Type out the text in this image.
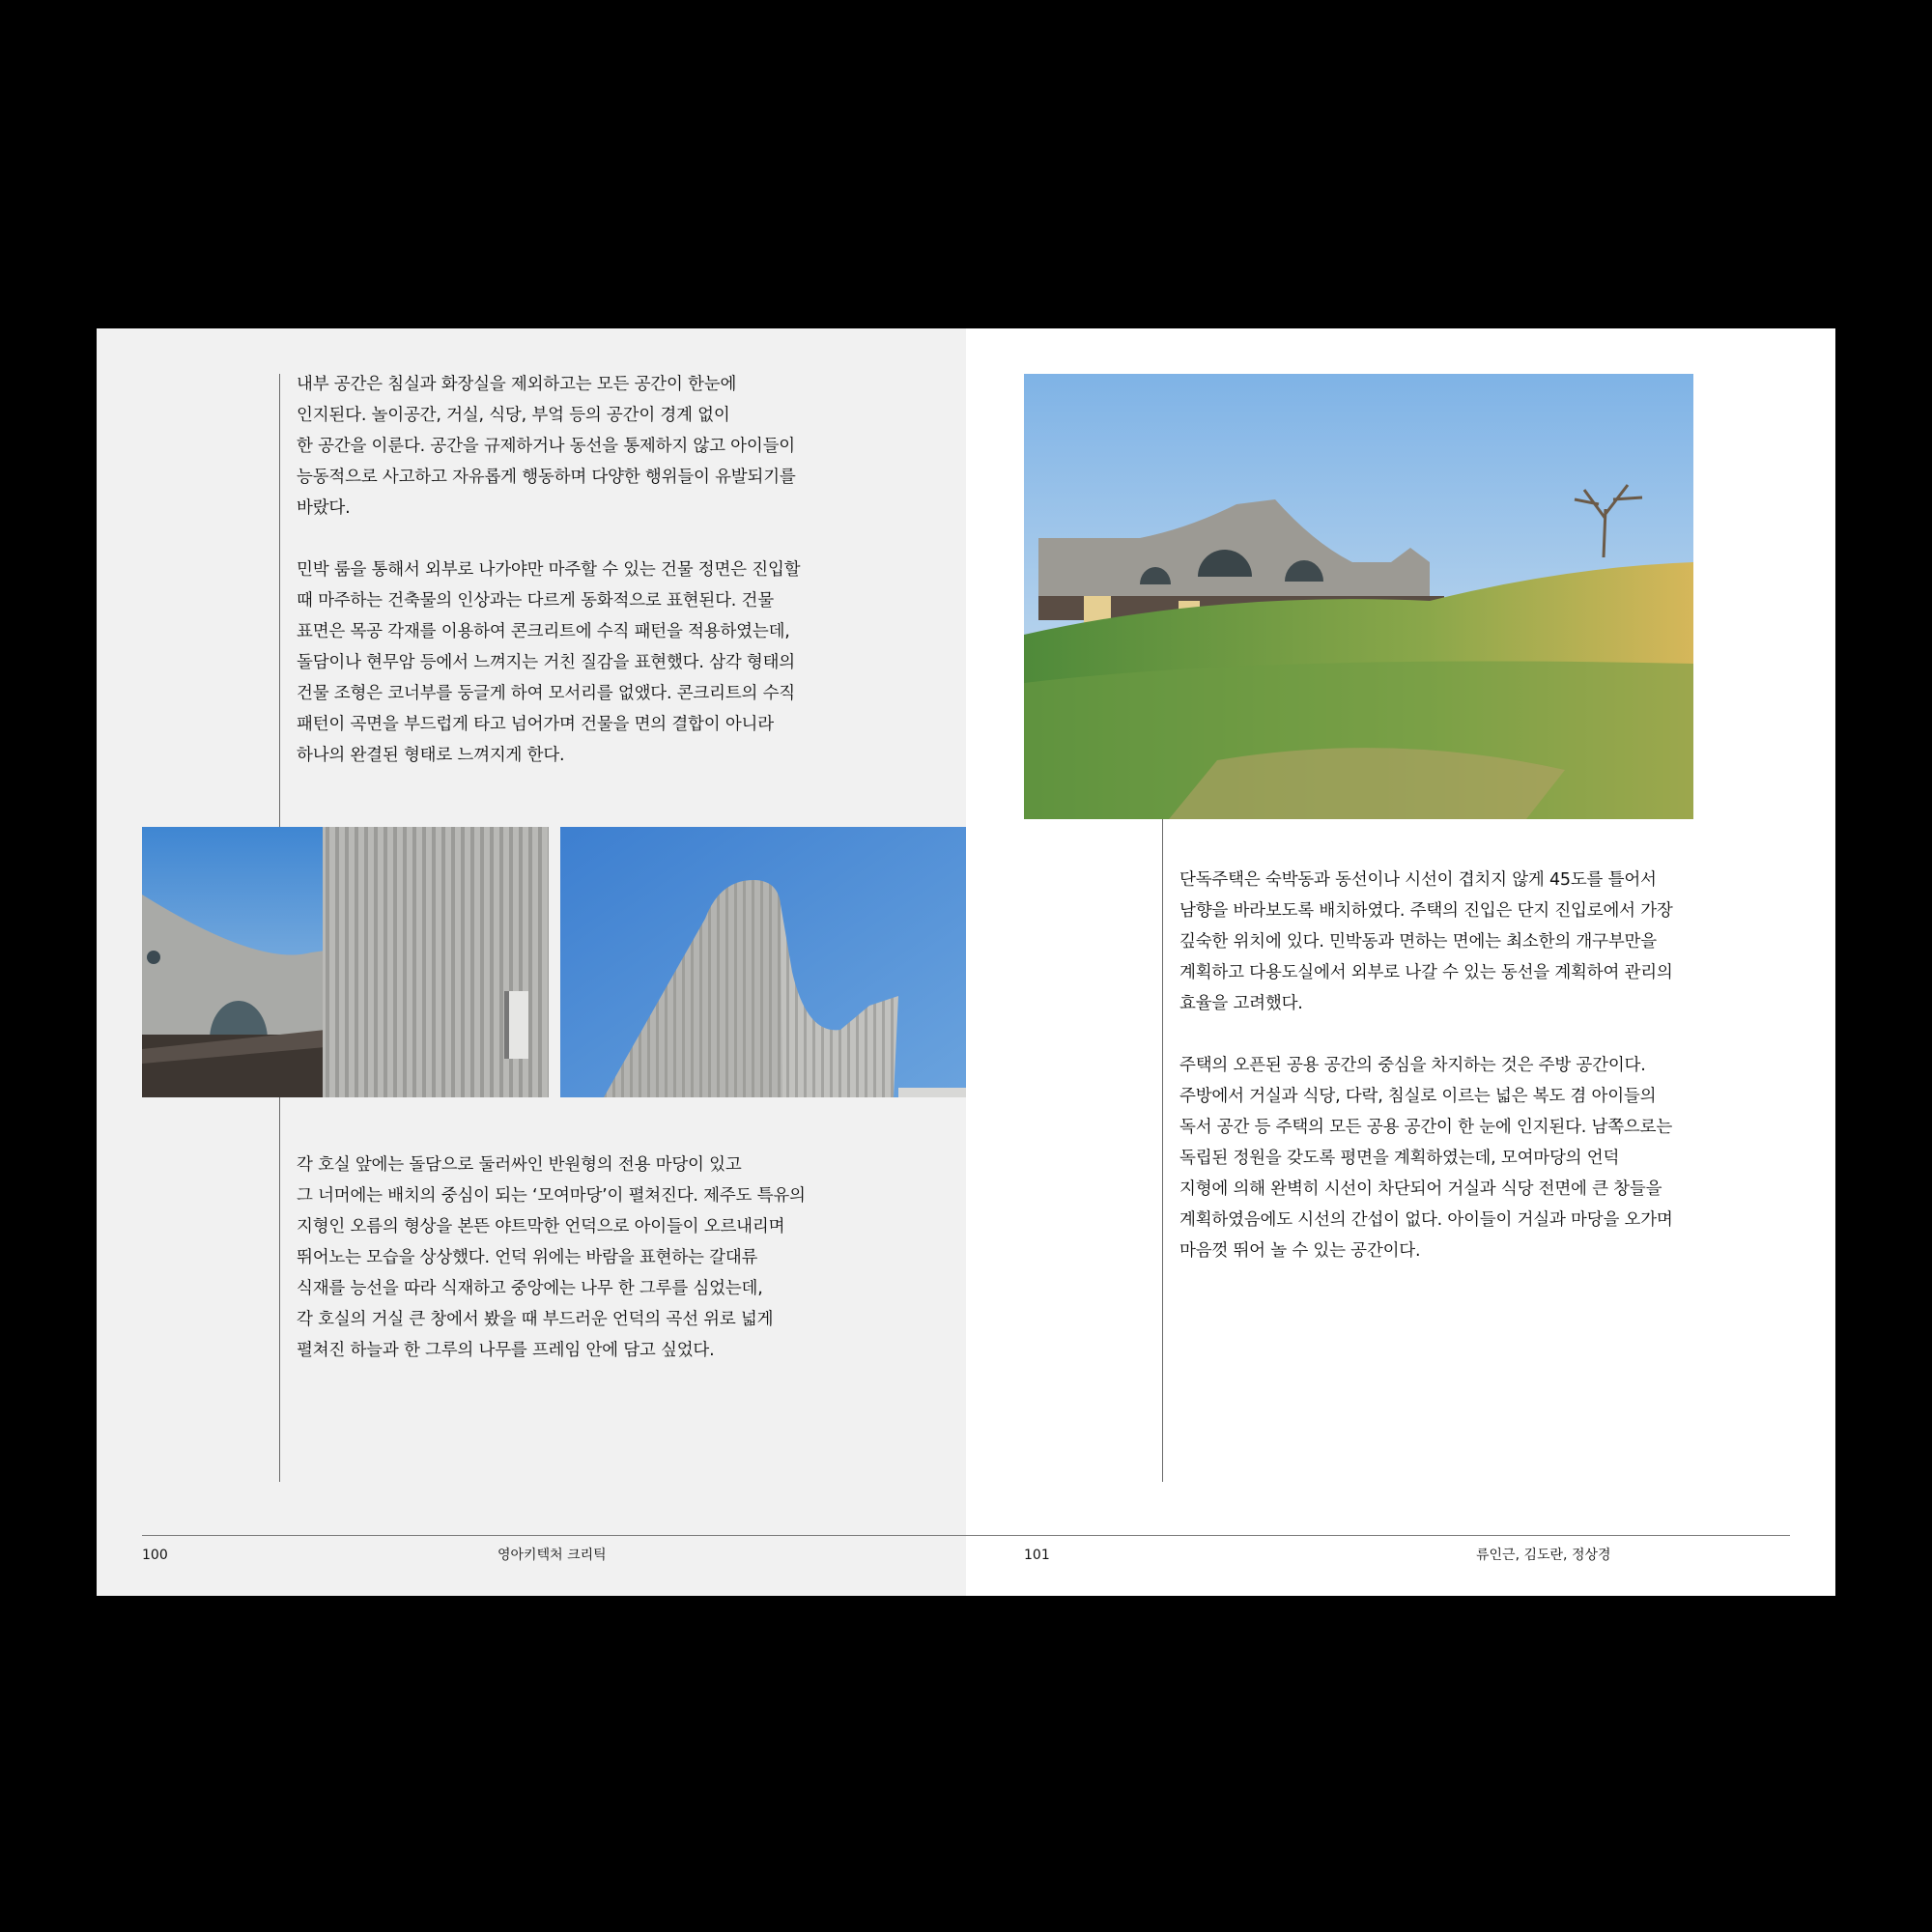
내부 공간은 침실과 화장실을 제외하고는 모든 공간이 한눈에
인지된다. 놀이공간, 거실, 식당, 부엌 등의 공간이 경계 없이
한 공간을 이룬다. 공간을 규제하거나 동선을 통제하지 않고 아이들이
능동적으로 사고하고 자유롭게 행동하며 다양한 행위들이 유발되기를
바랐다.

민박 룸을 통해서 외부로 나가야만 마주할 수 있는 건물 정면은 진입할
때 마주하는 건축물의 인상과는 다르게 동화적으로 표현된다. 건물
표면은 목공 각재를 이용하여 콘크리트에 수직 패턴을 적용하였는데,
돌담이나 현무암 등에서 느껴지는 거친 질감을 표현했다. 삼각 형태의
건물 조형은 코너부를 둥글게 하여 모서리를 없앴다. 콘크리트의 수직
패턴이 곡면을 부드럽게 타고 넘어가며 건물을 면의 결합이 아니라
하나의 완결된 형태로 느껴지게 한다.

각 호실 앞에는 돌담으로 둘러싸인 반원형의 전용 마당이 있고
그 너머에는 배치의 중심이 되는 ‘모여마당’이 펼쳐진다. 제주도 특유의
지형인 오름의 형상을 본뜬 야트막한 언덕으로 아이들이 오르내리며
뛰어노는 모습을 상상했다. 언덕 위에는 바람을 표현하는 갈대류
식재를 능선을 따라 식재하고 중앙에는 나무 한 그루를 심었는데,
각 호실의 거실 큰 창에서 봤을 때 부드러운 언덕의 곡선 위로 넓게
펼쳐진 하늘과 한 그루의 나무를 프레임 안에 담고 싶었다.

단독주택은 숙박동과 동선이나 시선이 겹치지 않게 45도를 틀어서
남향을 바라보도록 배치하였다. 주택의 진입은 단지 진입로에서 가장
깊숙한 위치에 있다. 민박동과 면하는 면에는 최소한의 개구부만을
계획하고 다용도실에서 외부로 나갈 수 있는 동선을 계획하여 관리의
효율을 고려했다.

주택의 오픈된 공용 공간의 중심을 차지하는 것은 주방 공간이다.
주방에서 거실과 식당, 다락, 침실로 이르는 넓은 복도 겸 아이들의
독서 공간 등 주택의 모든 공용 공간이 한 눈에 인지된다. 남쪽으로는
독립된 정원을 갖도록 평면을 계획하였는데, 모여마당의 언덕
지형에 의해 완벽히 시선이 차단되어 거실과 식당 전면에 큰 창들을
계획하였음에도 시선의 간섭이 없다. 아이들이 거실과 마당을 오가며
마음껏 뛰어 놀 수 있는 공간이다.

100	영아키텍처 크리틱	101	류인근, 김도란, 정상경
